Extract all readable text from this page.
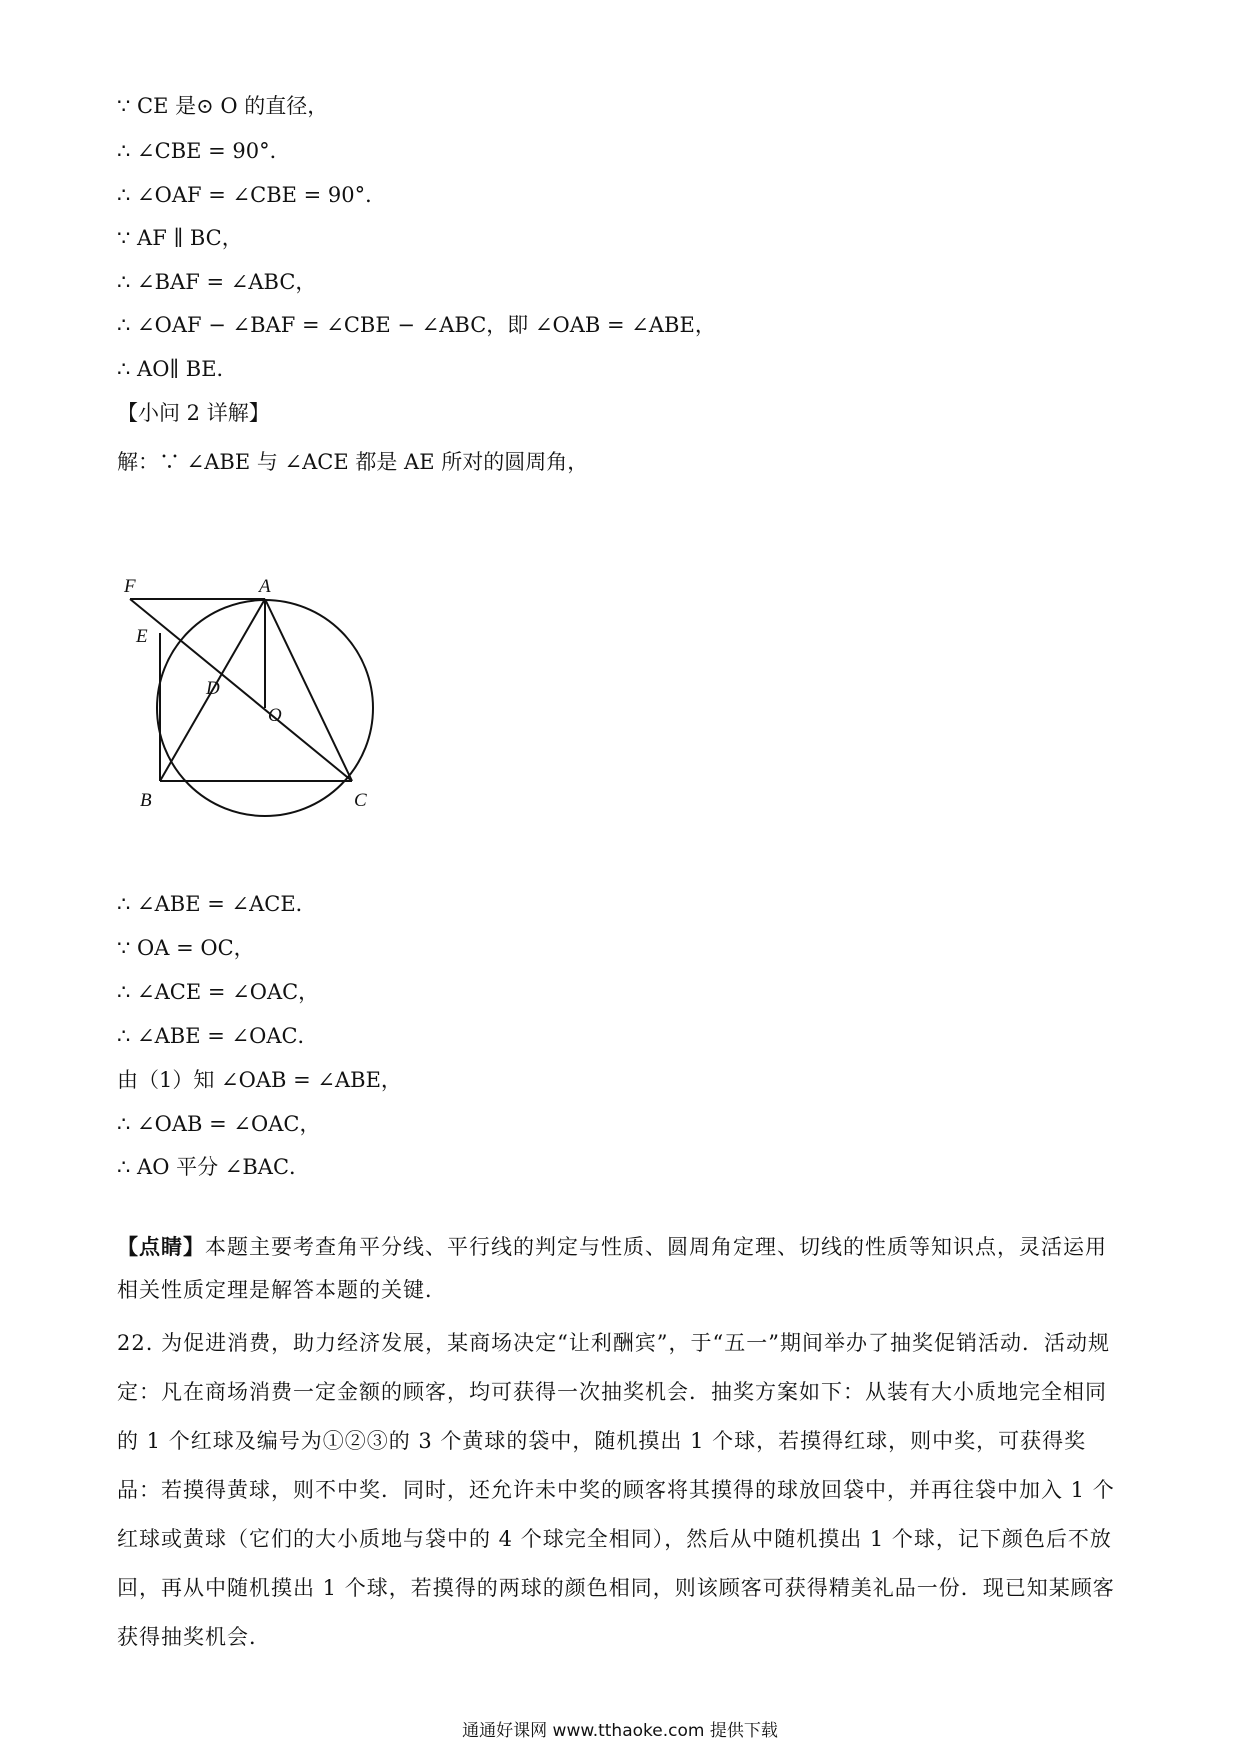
∵ CE 是⊙ O 的直径，
∴ ∠CBE = 90°．
∴ ∠OAF = ∠CBE = 90°．
∵ AF ∥ BC，
∴ ∠BAF = ∠ABC，
∴ ∠OAF − ∠BAF = ∠CBE − ∠ABC，即 ∠OAB = ∠ABE，
∴ AO∥ BE．
【小问 2 详解】
解：∵ ∠ABE 与 ∠ACE 都是 AE 所对的圆周角，
F	A
E
D
O
B	C
∴ ∠ABE = ∠ACE．
∵ OA = OC，
∴ ∠ACE = ∠OAC，
∴ ∠ABE = ∠OAC．
由（1）知 ∠OAB = ∠ABE，
∴ ∠OAB = ∠OAC，
∴ AO 平分 ∠BAC．
【点睛】本题主要考查角平分线、平行线的判定与性质、圆周角定理、切线的性质等知识点，灵活运用相关性质定理是解答本题的关键．
22. 为促进消费，助力经济发展，某商场决定“让利酬宾”，于“五一”期间举办了抽奖促销活动．活动规定：凡在商场消费一定金额的顾客，均可获得一次抽奖机会．抽奖方案如下：从装有大小质地完全相同的 1 个红球及编号为①②③的 3 个黄球的袋中，随机摸出 1 个球，若摸得红球，则中奖，可获得奖品：若摸得黄球，则不中奖．同时，还允许未中奖的顾客将其摸得的球放回袋中，并再往袋中加入 1 个红球或黄球（它们的大小质地与袋中的 4 个球完全相同），然后从中随机摸出 1 个球，记下颜色后不放回，再从中随机摸出 1 个球，若摸得的两球的颜色相同，则该顾客可获得精美礼品一份．现已知某顾客获得抽奖机会．
通通好课网 www.tthaoke.com 提供下载
